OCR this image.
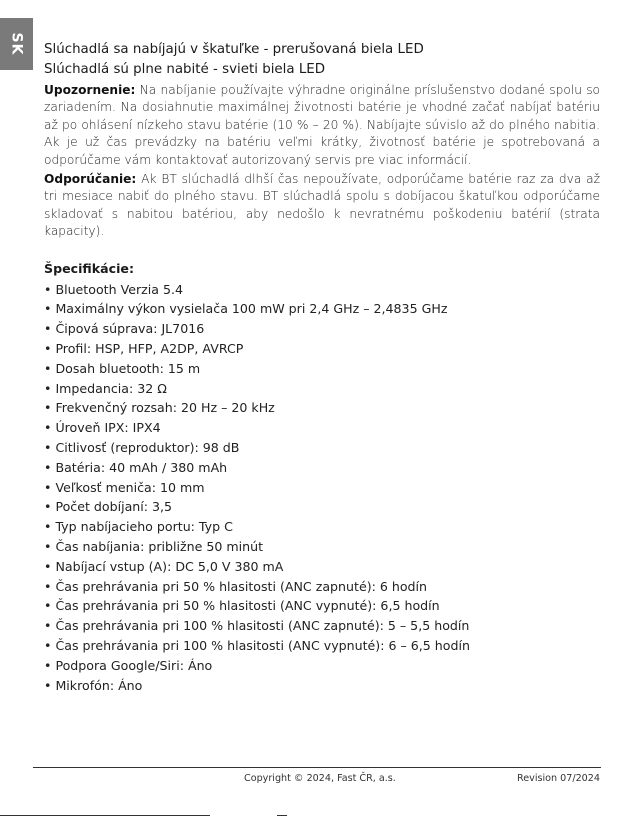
SK Slúchadlá sa nabíjajú v škatuľke - prerušovaná biela LED
Slúchadlá sú plne nabité - svieti biela LED

Upozornenie: Na nabíjanie používajte výhradne originálne príslušenstvo dodané spolu so zariadením. Na dosiahnutie maximálnej životnosti batérie je vhodné začať nabíjať batériu až po ohlásení nízkeho stavu batérie (10 % – 20 %). Nabíjajte súvislo až do plného nabitia. Ak je už čas prevádzky na batériu veľmi krátky, životnosť batérie je spotrebovaná a odporúčame vám kontaktovať autorizovaný servis pre viac informácií.

Odporúčanie: Ak BT slúchadlá dlhší čas nepoužívate, odporúčame batérie raz za dva až tri mesiace nabiť do plného stavu. BT slúchadlá spolu s dobíjacou škatuľkou odporúčame skladovať s nabitou batériou, aby nedošlo k nevratnému poškodeniu batérií (strata kapacity).

Špecifikácie:
• Bluetooth Verzia 5.4
• Maximálny výkon vysielača 100 mW pri 2,4 GHz – 2,4835 GHz
• Čipová súprava: JL7016
• Profil: HSP, HFP, A2DP, AVRCP
• Dosah bluetooth: 15 m
• Impedancia: 32 Ω
• Frekvenčný rozsah: 20 Hz – 20 kHz
• Úroveň IPX: IPX4
• Citlivosť (reproduktor): 98 dB
• Batéria: 40 mAh / 380 mAh
• Veľkosť meniča: 10 mm
• Počet dobíjaní: 3,5
• Typ nabíjacieho portu: Typ C
• Čas nabíjania: približne 50 minút
• Nabíjací vstup (A): DC 5,0 V 380 mA
• Čas prehrávania pri 50 % hlasitosti (ANC zapnuté): 6 hodín
• Čas prehrávania pri 50 % hlasitosti (ANC vypnuté): 6,5 hodín
• Čas prehrávania pri 100 % hlasitosti (ANC zapnuté): 5 – 5,5 hodín
• Čas prehrávania pri 100 % hlasitosti (ANC vypnuté): 6 – 6,5 hodín
• Podpora Google/Siri: Áno
• Mikrofón: Áno
Copyright © 2024, Fast ČR, a.s.	Revision 07/2024
